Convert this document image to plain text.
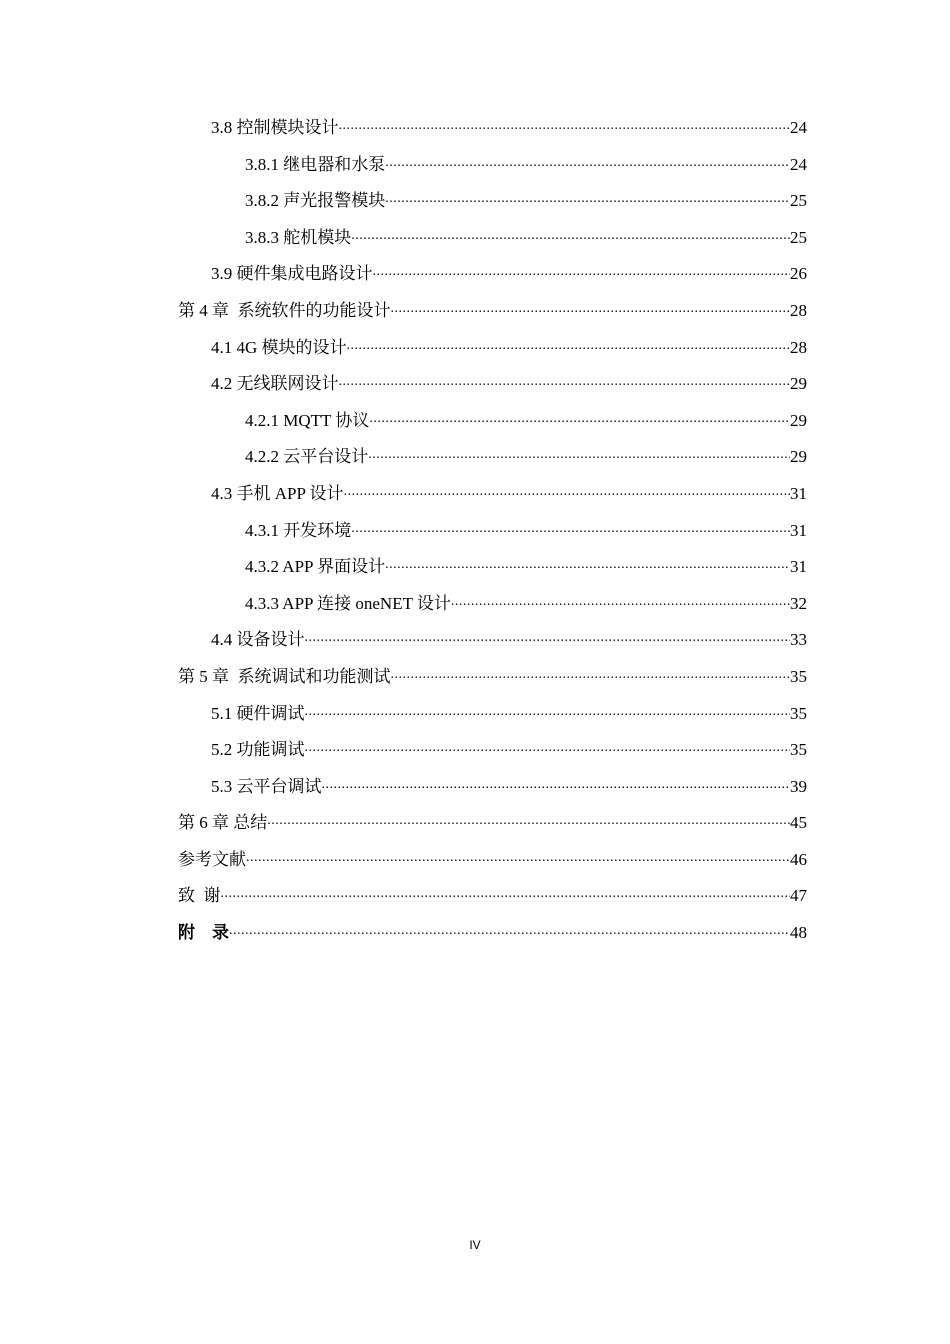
3.8 控制模块设计 .....	24
3.8.1 继电器和水泵 .....	24
3.8.2 声光报警模块 .....	25
3.8.3 舵机模块 .....	25
3.9 硬件集成电路设计 .....	26
第 4 章  系统软件的功能设计 .....	28
4.1 4G 模块的设计 .....	28
4.2 无线联网设计 .....	29
4.2.1 MQTT 协议 .....	29
4.2.2 云平台设计 .....	29
4.3 手机 APP 设计 .....	31
4.3.1 开发环境 .....	31
4.3.2 APP 界面设计 .....	31
4.3.3 APP 连接 oneNET 设计 .....	32
4.4 设备设计 .....	33
第 5 章  系统调试和功能测试 .....	35
5.1 硬件调试 .....	35
5.2 功能调试 .....	35
5.3 云平台调试 .....	39
第 6 章 总结 .....	45
参考文献 .....	46
致  谢 .....	47
附    录 .....	48
IV
